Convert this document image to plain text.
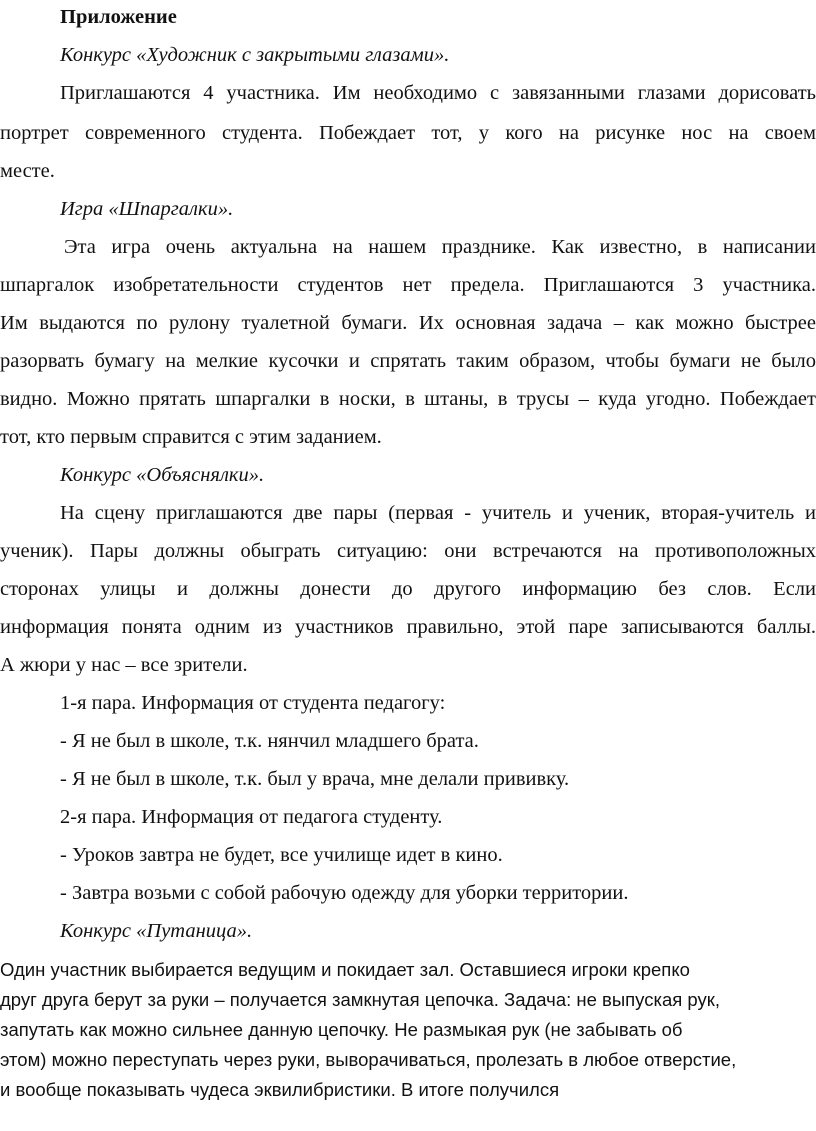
Приложение
Конкурс «Художник с закрытыми глазами».
Приглашаются 4 участника. Им необходимо с завязанными глазами дорисовать
портрет современного студента. Побеждает тот, у кого на рисунке нос на своем
месте.
Игра «Шпаргалки».
Эта игра очень актуальна на нашем празднике. Как известно, в написании
шпаргалок изобретательности студентов нет предела. Приглашаются 3 участника.
Им выдаются по рулону туалетной бумаги. Их основная задача – как можно быстрее
разорвать бумагу на мелкие кусочки и спрятать таким образом, чтобы бумаги не было
видно. Можно прятать шпаргалки в носки, в штаны, в трусы – куда угодно. Побеждает
тот, кто первым справится с этим заданием.
Конкурс «Объяснялки».
На сцену приглашаются две пары (первая - учитель и ученик, вторая-учитель и
ученик). Пары должны обыграть ситуацию: они встречаются на противоположных
сторонах улицы и должны донести до другого информацию без слов. Если
информация понята одним из участников правильно, этой паре записываются баллы.
А жюри у нас – все зрители.
1-я пара. Информация от студента педагогу:
- Я не был в школе, т.к. нянчил младшего брата.
- Я не был в школе, т.к. был у врача, мне делали прививку.
2-я пара. Информация от педагога студенту.
- Уроков завтра не будет, все училище идет в кино.
- Завтра возьми с собой рабочую одежду для уборки территории.
Конкурс «Путаница».
Один участник выбирается ведущим и покидает зал. Оставшиеся игроки крепко
друг друга берут за руки – получается замкнутая цепочка. Задача: не выпуская рук,
запутать как можно сильнее данную цепочку. Не размыкая рук (не забывать об
этом) можно переступать через руки, выворачиваться, пролезать в любое отверстие,
и вообще показывать чудеса эквилибристики. В итоге получился
